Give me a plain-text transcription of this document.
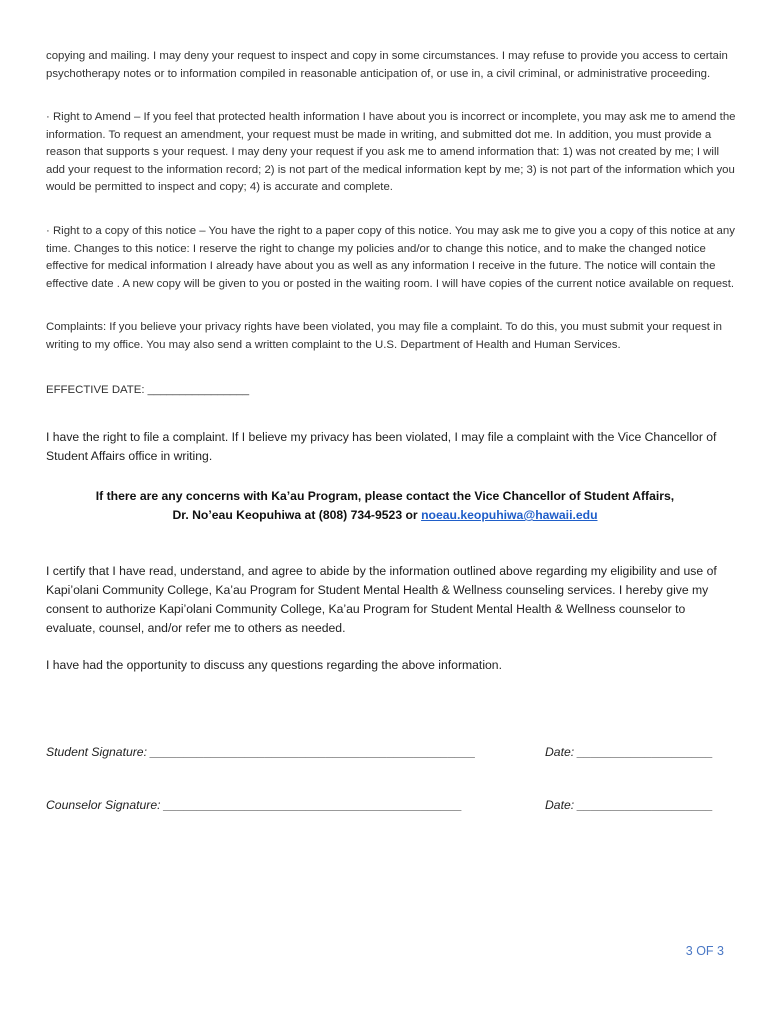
copying and mailing. I may deny your request to inspect and copy in some circumstances. I may refuse to provide you access to certain psychotherapy notes or to information compiled in reasonable anticipation of, or use in, a civil criminal, or administrative proceeding.

· Right to Amend – If you feel that protected health information I have about you is incorrect or incomplete, you may ask me to amend the information. To request an amendment, your request must be made in writing, and submitted dot me. In addition, you must provide a reason that supports s your request. I may deny your request if you ask me to amend information that: 1) was not created by me; I will add your request to the information record; 2) is not part of the medical information kept by me; 3) is not part of the information which you would be permitted to inspect and copy; 4) is accurate and complete.

· Right to a copy of this notice – You have the right to a paper copy of this notice. You may ask me to give you a copy of this notice at any time. Changes to this notice: I reserve the right to change my policies and/or to change this notice, and to make the changed notice effective for medical information I already have about you as well as any information I receive in the future. The notice will contain the effective date . A new copy will be given to you or posted in the waiting room. I will have copies of the current notice available on request.

Complaints: If you believe your privacy rights have been violated, you may file a complaint. To do this, you must submit your request in writing to my office. You may also send a written complaint to the U.S. Department of Health and Human Services.

EFFECTIVE DATE: ________________

I have the right to file a complaint. If I believe my privacy has been violated, I may file a complaint with the Vice Chancellor of Student Affairs office in writing.

If there are any concerns with Ka’au Program, please contact the Vice Chancellor of Student Affairs,

Dr. No’eau Keopuhiwa at (808) 734-9523 or noeau.keopuhiwa@hawaii.edu

I certify that I have read, understand, and agree to abide by the information outlined above regarding my eligibility and use of Kapi’olani Community College, Ka’au Program for Student Mental Health & Wellness counseling services. I hereby give my consent to authorize Kapi’olani Community College, Ka’au Program for Student Mental Health & Wellness counselor to evaluate, counsel, and/or refer me to others as needed.

I have had the opportunity to discuss any questions regarding the above information.

Student Signature: ________________________________________________	Date: ____________________
Counselor Signature: ____________________________________________	Date: ____________________
3 OF 3
